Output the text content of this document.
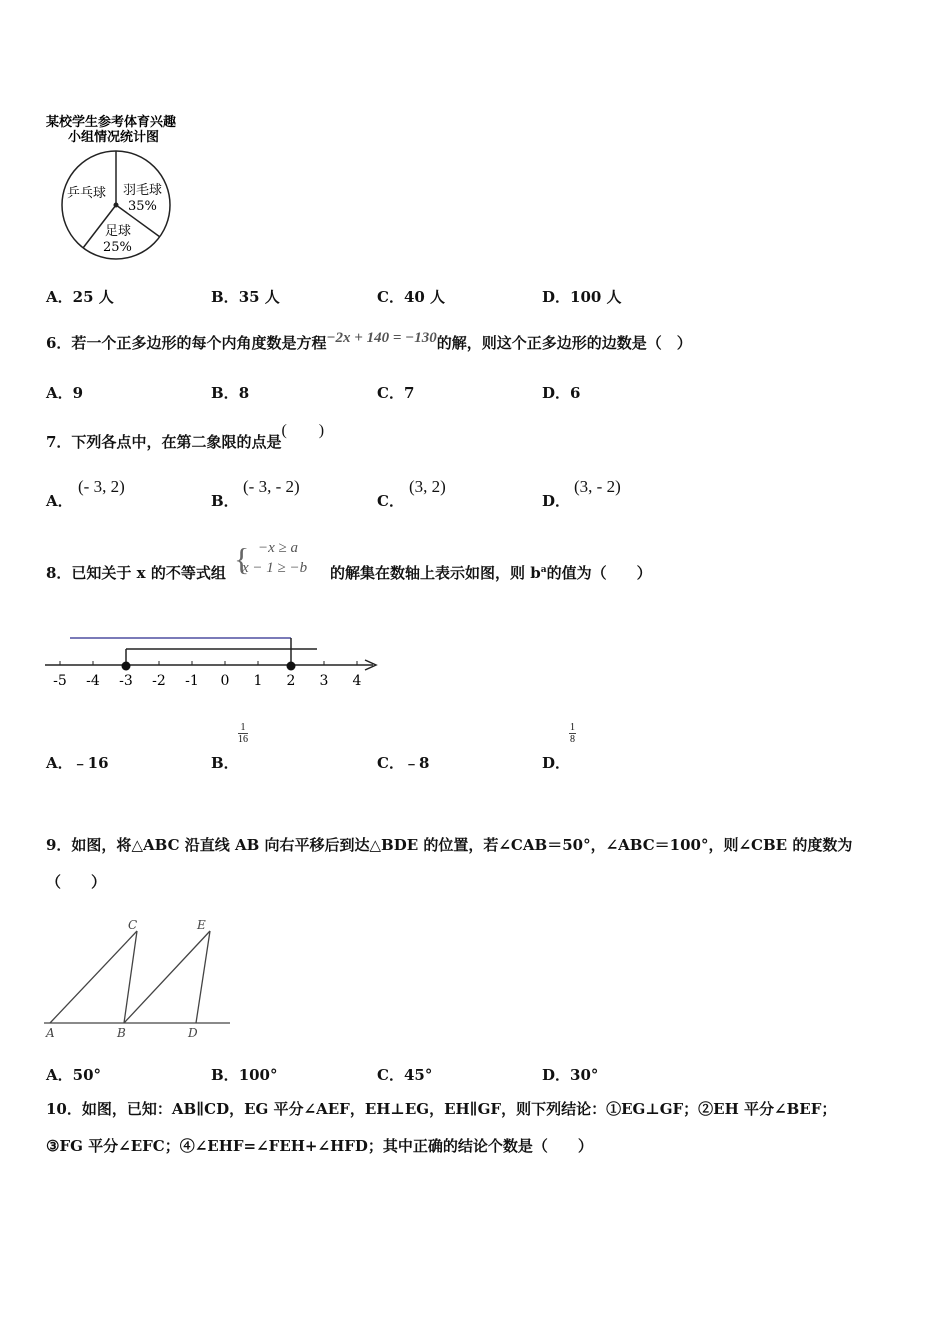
某校学生参考体育兴趣
小组情况统计图
乒乓球 羽毛球
35%
足球
25%
A．25 人	B．35 人	C．40 人	D．100 人
6．若一个正多边形的每个内角度数是方程−2x + 140 = −130的解，则这个正多边形的边数是（　）
A．9	B．8	C．7	D．6
7．下列各点中，在第二象限的点是(　　)
A．
(- 3, 2)
B．
(- 3, - 2)
C．
(3, 2)
D．
(3, - 2)
8．已知关于 x 的不等式组 { −x ≥ a
x − 1 ≥ −b 的解集在数轴上表示如图，则 $b^a$的值为（　　）
-5 -4 -3 -2 -1 0 1 2 3 4
A．﹣16	B．
$\frac{1}{16}$
C．﹣8	D．
$\frac{1}{8}$
9．如图，将△ABC 沿直线 AB 向右平移后到达△BDE 的位置，若∠CAB＝50°，∠ABC＝100°，则∠CBE 的度数为
（　　）
A	B
C
D
E
A．50°	B．100°	C．45°	D．30°
10．如图，已知：AB∥CD，EG 平分∠AEF，EH⊥EG，EH∥GF，则下列结论：①EG⊥GF；②EH 平分∠BEF；
③FG 平分∠EFC；④∠EHF=∠FEH+∠HFD；其中正确的结论个数是（　　）
